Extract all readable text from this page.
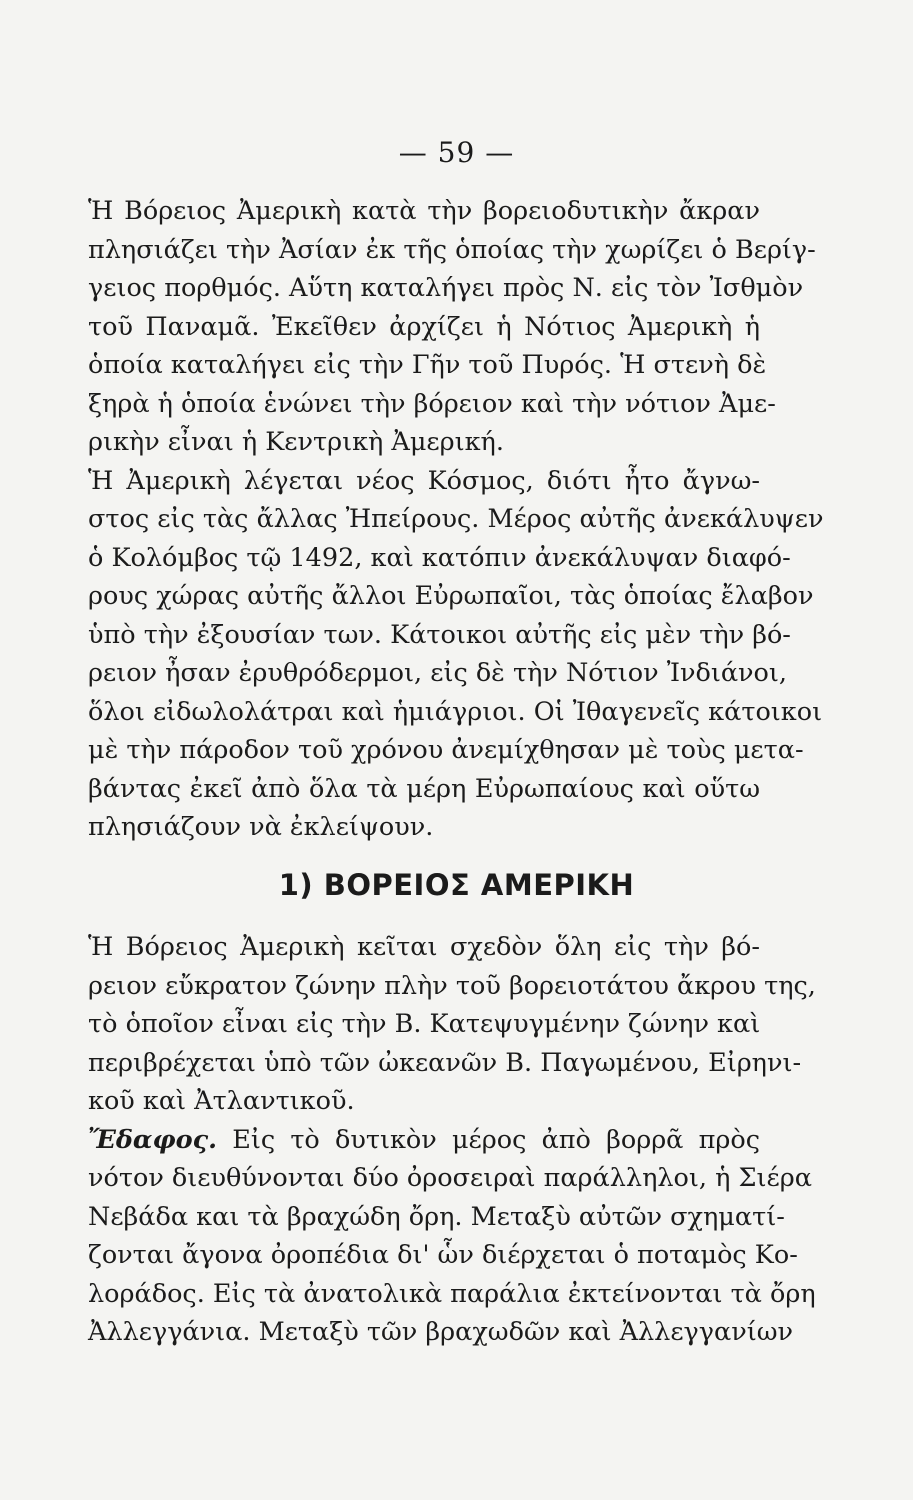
— 59 —
Ἡ Βόρειος Ἀμερικὴ κατὰ τὴν βορειοδυτικὴν ἄκραν
πλησιάζει τὴν Ἀσίαν ἐκ τῆς ὁποίας τὴν χωρίζει ὁ Βερίγ-
γειος πορθμός. Αὕτη καταλήγει πρὸς Ν. εἰς τὸν Ἰσθμὸν
τοῦ Παναμᾶ. Ἐκεῖθεν ἀρχίζει ἡ Νότιος Ἀμερικὴ ἡ
ὁποία καταλήγει εἰς τὴν Γῆν τοῦ Πυρός. Ἡ στενὴ δὲ
ξηρὰ ἡ ὁποία ἑνώνει τὴν βόρειον καὶ τὴν νότιον Ἀμε-
ρικὴν εἶναι ἡ Κεντρικὴ Ἀμερική.
Ἡ Ἀμερικὴ λέγεται νέος Κόσμος, διότι ἦτο ἄγνω-
στος εἰς τὰς ἄλλας Ἠπείρους. Μέρος αὐτῆς ἀνεκάλυψεν
ὁ Κολόμβος τῷ 1492, καὶ κατόπιν ἀνεκάλυψαν διαφό-
ρους χώρας αὐτῆς ἄλλοι Εὐρωπαῖοι, τὰς ὁποίας ἔλαβον
ὑπὸ τὴν ἐξουσίαν των. Κάτοικοι αὐτῆς εἰς μὲν τὴν βό-
ρειον ἦσαν ἐρυθρόδερμοι, εἰς δὲ τὴν Νότιον Ἰνδιάνοι,
ὅλοι εἰδωλολάτραι καὶ ἡμιάγριοι. Οἱ Ἰθαγενεῖς κάτοικοι
μὲ τὴν πάροδον τοῦ χρόνου ἀνεμίχθησαν μὲ τοὺς μετα-
βάντας ἐκεῖ ἀπὸ ὅλα τὰ μέρη Εὐρωπαίους καὶ οὕτω
πλησιάζουν νὰ ἐκλείψουν.
1) ΒΟΡΕΙΟΣ ΑΜΕΡΙΚΗ
Ἡ Βόρειος Ἀμερικὴ κεῖται σχεδὸν ὅλη εἰς τὴν βό-
ρειον εὔκρατον ζώνην πλὴν τοῦ βορειοτάτου ἄκρου της,
τὸ ὁποῖον εἶναι εἰς τὴν Β. Κατεψυγμένην ζώνην καὶ
περιβρέχεται ὑπὸ τῶν ὠκεανῶν Β. Παγωμένου, Εἰρηνι-
κοῦ καὶ Ἀτλαντικοῦ.
Ἔδαφος. Εἰς τὸ δυτικὸν μέρος ἀπὸ βορρᾶ πρὸς
νότον διευθύνονται δύο ὀροσειραὶ παράλληλοι, ἡ Σιέρα
Νεβάδα και τὰ βραχώδη ὄρη. Μεταξὺ αὐτῶν σχηματί-
ζονται ἄγονα ὀροπέδια δι' ὧν διέρχεται ὁ ποταμὸς Κο-
λοράδος. Εἰς τὰ ἀνατολικὰ παράλια ἐκτείνονται τὰ ὄρη
Ἀλλεγγάνια. Μεταξὺ τῶν βραχωδῶν καὶ Ἀλλεγγανίων
